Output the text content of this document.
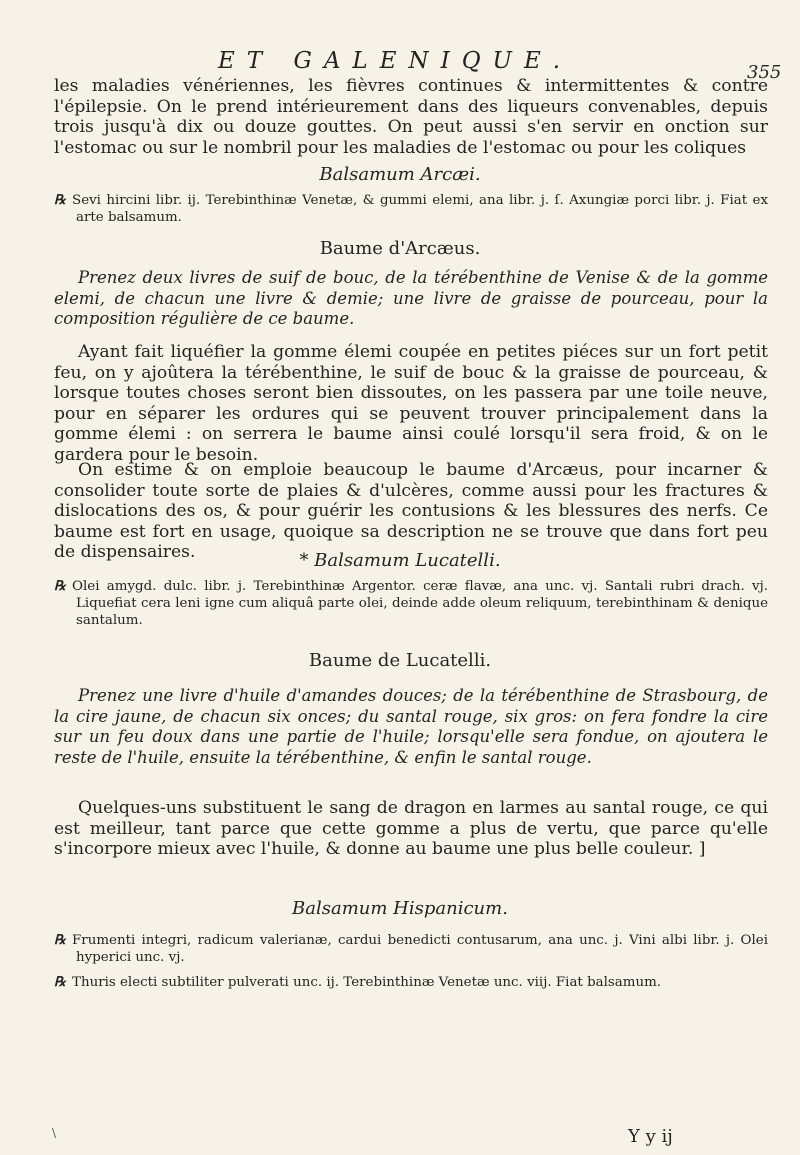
ET GALENIQUE.	355

les maladies vénériennes, les fièvres continues & intermittentes & contre l'épilepsie. On le prend intérieurement dans des liqueurs convenables, depuis trois jusqu'à dix ou douze gouttes. On peut aussi s'en servir en onction sur l'estomac ou sur le nombril pour les maladies de l'estomac ou pour les coliques

Balsamum Arcæi.

℞ Sevi hircini libr. ij. Terebinthinæ Venetæ, & gummi elemi, ana libr. j. ſ. Axungiæ porci libr. j. Fiat ex arte balsamum.

Baume d'Arcæus.

Prenez deux livres de suif de bouc, de la térébenthine de Venise & de la gomme elemi, de chacun une livre & demie; une livre de graisse de pourceau, pour la composition régulière de ce baume.

Ayant fait liquéfier la gomme élemi coupée en petites piéces sur un fort petit feu, on y ajoûtera la térébenthine, le suif de bouc & la graisse de pourceau, & lorsque toutes choses seront bien dissoutes, on les passera par une toile neuve, pour en séparer les ordures qui se peuvent trouver principalement dans la gomme élemi : on serrera le baume ainsi coulé lorsqu'il sera froid, & on le gardera pour le besoin.

On estime & on emploie beaucoup le baume d'Arcæus, pour incarner & consolider toute sorte de plaies & d'ulcères, comme aussi pour les fractures & dislocations des os, & pour guérir les contusions & les blessures des nerfs. Ce baume est fort en usage, quoique sa description ne se trouve que dans fort peu de dispensaires.	* Balsamum Lucatelli.

℞ Olei amygd. dulc. libr. j. Terebinthinæ Argentor. ceræ flavæ, ana unc. vj. Santali rubri drach. vj. Liquefiat cera leni igne cum aliquâ parte olei, deinde adde oleum reliquum, terebinthinam & denique santalum.

Baume de Lucatelli.

Prenez une livre d'huile d'amandes douces; de la térébenthine de Strasbourg, de la cire jaune, de chacun six onces; du santal rouge, six gros: on fera fondre la cire sur un feu doux dans une partie de l'huile; lorsqu'elle sera fondue, on ajoutera le reste de l'huile, ensuite la térébenthine, & enfin le santal rouge.

Quelques-uns substituent le sang de dragon en larmes au santal rouge, ce qui est meilleur, tant parce que cette gomme a plus de vertu, que parce qu'elle s'incorpore mieux avec l'huile, & donne au baume une plus belle couleur. ]

Balsamum Hispanicum.

℞ Frumenti integri, radicum valerianæ, cardui benedicti contusarum, ana unc. j. Vini albi libr. j. Olei hyperici unc. vj.

℞ Thuris electi subtiliter pulverati unc. ij. Terebinthinæ Venetæ unc. viij. Fiat balsamum.

\	Y y ij
